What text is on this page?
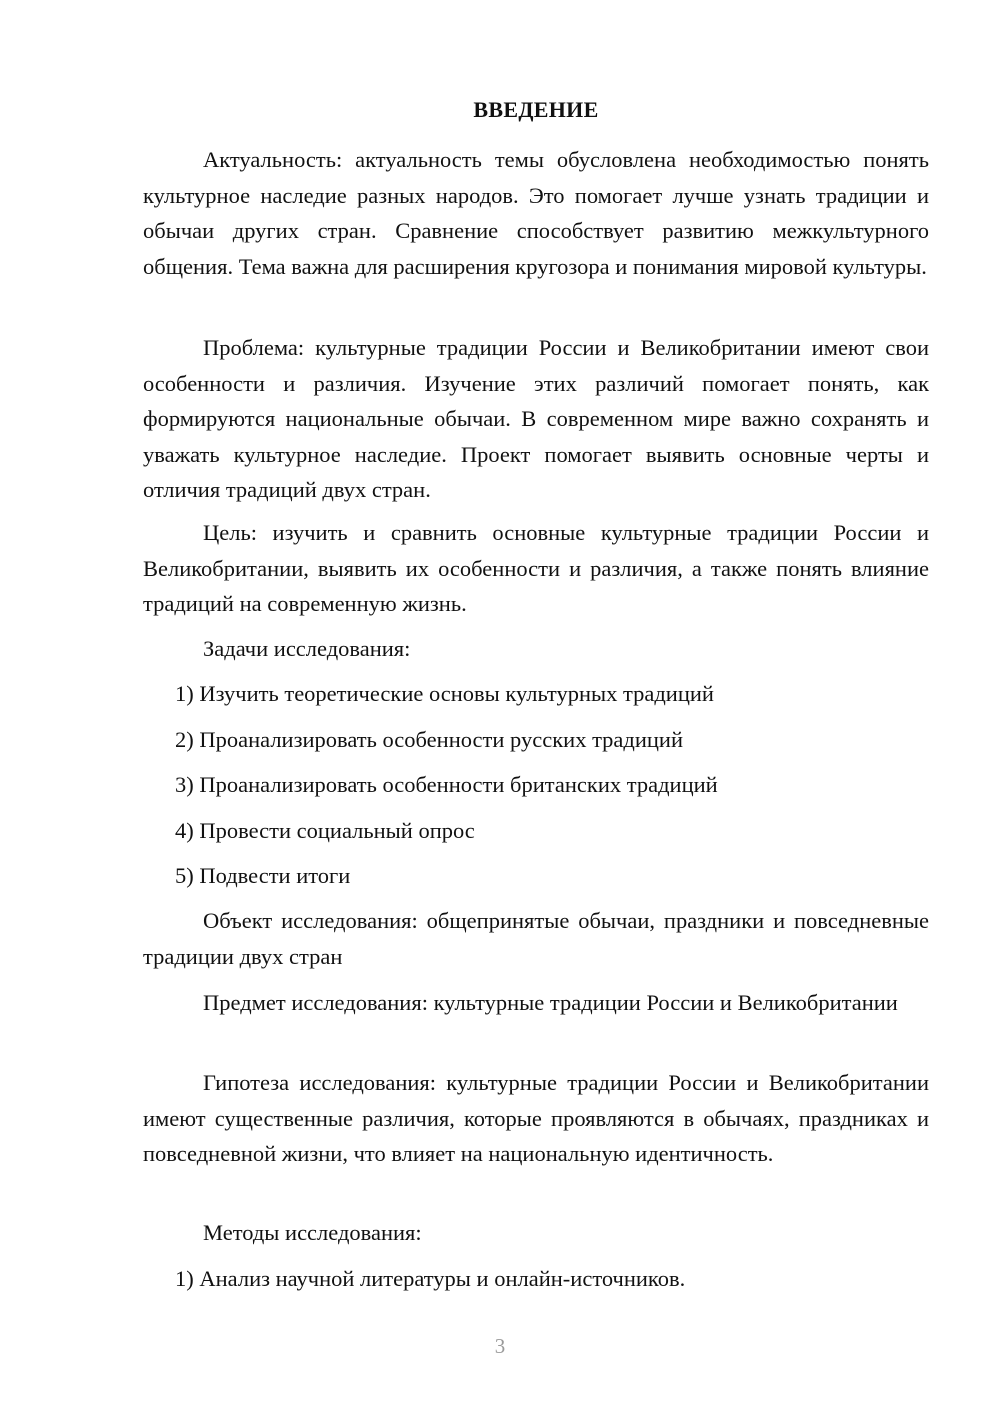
ВВЕДЕНИЕ

Актуальность: актуальность темы обусловлена необходимостью понять культурное наследие разных народов. Это помогает лучше узнать традиции и обычаи других стран. Сравнение способствует развитию межкультурного общения. Тема важна для расширения кругозора и понимания мировой культуры.

Проблема: культурные традиции России и Великобритании имеют свои особенности и различия. Изучение этих различий помогает понять, как формируются национальные обычаи. В современном мире важно сохранять и уважать культурное наследие. Проект помогает выявить основные черты и отличия традиций двух стран.

Цель: изучить и сравнить основные культурные традиции России и Великобритании, выявить их особенности и различия, а также понять влияние традиций на современную жизнь.

Задачи исследования:
1) Изучить теоретические основы культурных традиций
2) Проанализировать особенности русских традиций
3) Проанализировать особенности британских традиций
4) Провести социальный опрос
5) Подвести итоги

Объект исследования: общепринятые обычаи, праздники и повседневные традиции двух стран

Предмет исследования: культурные традиции России и Великобритании

Гипотеза исследования: культурные традиции России и Великобритании имеют существенные различия, которые проявляются в обычаях, праздниках и повседневной жизни, что влияет на национальную идентичность.

Методы исследования:
1) Анализ научной литературы и онлайн-источников.
3
